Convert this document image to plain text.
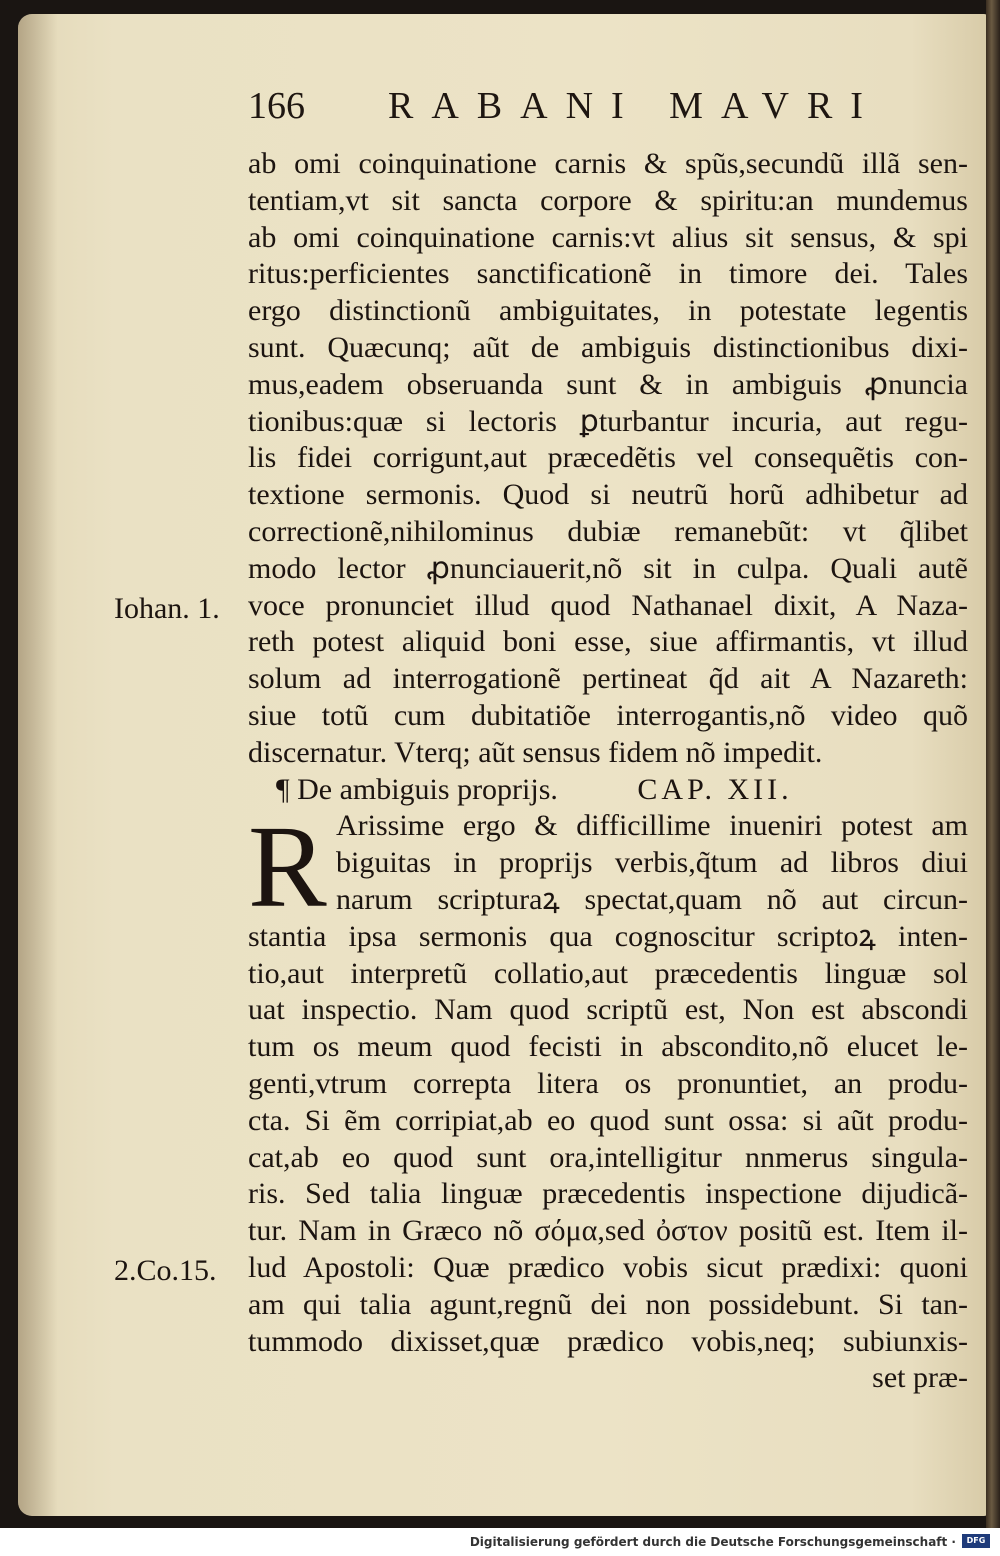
166 RABANI MAVRI
Iohan. 1.
2.Co.15.
ab omi coinquinatione carnis & spũs,secundũ illã sen-
tentiam,vt sit sancta corpore & spiritu:an mundemus
ab omi coinquinatione carnis:vt alius sit sensus, & spi
ritus:perficientes sanctificationẽ in timore dei. Tales
ergo distinctionũ ambiguitates, in potestate legentis
sunt. Quæcunq; aũt de ambiguis distinctionibus dixi-
mus,eadem obseruanda sunt & in ambiguis ꝓnuncia
tionibus:quæ si lectoris ꝑturbantur incuria, aut regu-
lis fidei corrigunt,aut præcedẽtis vel consequẽtis con-
textione sermonis. Quod si neutrũ horũ adhibetur ad
correctionẽ,nihilominus dubiæ remanebũt: vt q̃libet
modo lector ꝓnunciauerit,nõ sit in culpa. Quali autẽ
voce pronunciet illud quod Nathanael dixit, A Naza-
reth potest aliquid boni esse, siue affirmantis, vt illud
solum ad interrogationẽ pertineat q̃d ait A Nazareth:
siue totũ cum dubitatiõe interrogantis,nõ video quõ
discernatur. Vterq; aũt sensus fidem nõ impedit.
¶ De ambiguis proprijs.	CAP. XII.
R Arissime ergo & difficillime inueniri potest am
biguitas in proprijs verbis,q̃tum ad libros diui
narum scripturaꝝ spectat,quam nõ aut circun-
stantia ipsa sermonis qua cognoscitur scriptoꝝ inten-
tio,aut interpretũ collatio,aut præcedentis linguæ sol
uat inspectio. Nam quod scriptũ est, Non est abscondi
tum os meum quod fecisti in abscondito,nõ elucet le-
genti,vtrum correpta litera os pronuntiet, an produ-
cta. Si ẽm corripiat,ab eo quod sunt ossa: si aũt produ-
cat,ab eo quod sunt ora,intelligitur nnmerus singula-
ris. Sed talia linguæ præcedentis inspectione dijudicã-
tur. Nam in Græco nõ σόμα,sed ὀστον positũ est. Item il-
lud Apostoli: Quæ prædico vobis sicut prædixi: quoni
am qui talia agunt,regnũ dei non possidebunt. Si tan-
tummodo dixisset,quæ prædico vobis,neq; subiunxis-
set præ-
Digitalisierung gefördert durch die Deutsche Forschungsgemeinschaft ·	DFG
